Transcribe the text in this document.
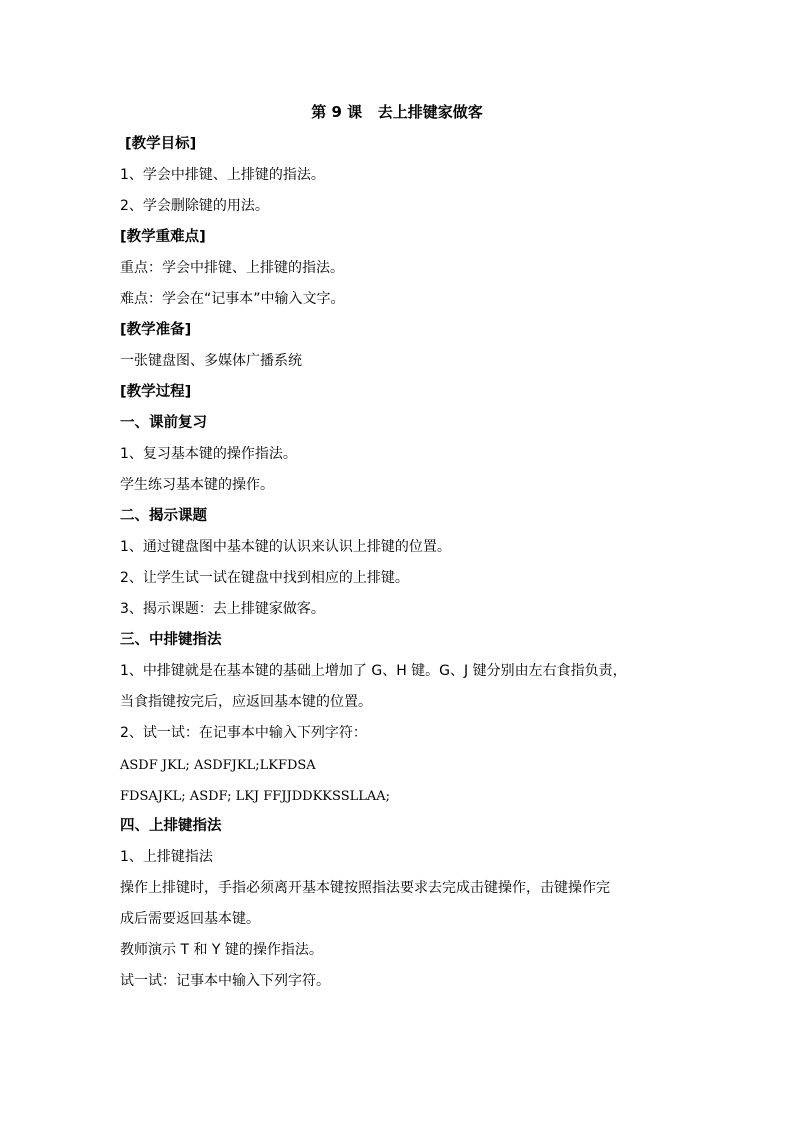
第 9 课   去上排键家做客
[教学目标]
1、学会中排键、上排键的指法。
2、学会删除键的用法。
[教学重难点]
重点：学会中排键、上排键的指法。
难点：学会在“记事本”中输入文字。
[教学准备]
一张键盘图、多媒体广播系统
[教学过程]
一、课前复习
1、复习基本键的操作指法。
学生练习基本键的操作。
二、揭示课题
1、通过键盘图中基本键的认识来认识上排键的位置。
2、让学生试一试在键盘中找到相应的上排键。
3、揭示课题：去上排键家做客。
三、中排键指法
1、中排键就是在基本键的基础上增加了 G、H 键。G、J 键分别由左右食指负责，
当食指键按完后，应返回基本键的位置。
2、试一试：在记事本中输入下列字符：
ASDF JKL; ASDFJKL;LKFDSA
FDSAJKL; ASDF; LKJ FFJJDDKKSSLLAA;
四、上排键指法
1、上排键指法
操作上排键时，手指必须离开基本键按照指法要求去完成击键操作，击键操作完
成后需要返回基本键。
教师演示 T 和 Y 键的操作指法。
试一试：记事本中输入下列字符。
